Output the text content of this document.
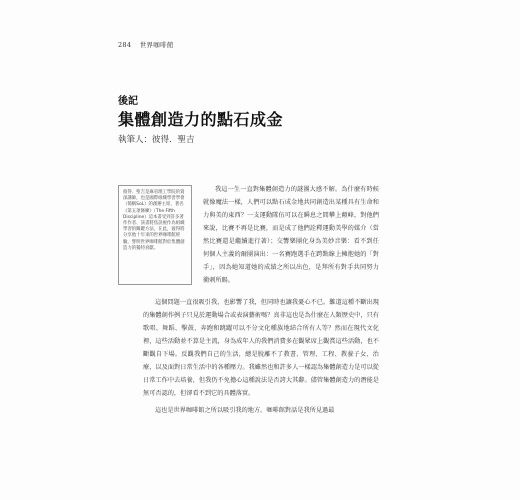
284 世界咖啡館
後記
集體創造力的點石成金
執筆人：彼得．聖吉
彼得．聖吉是麻省理工學院的資深講師，也是國際組織學習學會（簡稱SoL）的創辦主席，著名《第五項修練》（The Fifth Discipline）這本書受到許多著作作者、該書將焦誤視作為組織學習的關鍵方法，在此，彼得將分享他十年來的世界咖啡館經驗，譬明世界咖啡館對於集體創造力的獨特貢獻。
我這一生一直對集體創造力的謎團大感不解。為什麼有時候就像魔法一樣，人們可以點石成金地共同創造出某種具有生命和力與美的東西？一支運動隊伍可以在瞬息之間攀上顛峰，對他們來說，比賽不再是比賽，而是成了他們詮釋運動美學的媒介（當然比賽還是繼續進行著）；交響樂團化身為美妙音樂：看不到任何個人主義的爾團演出：一名賽跑選手在跨點線上擁抱她的「對手」，因為她知道她的成績之所以出色，是拜所有對手共同努力衝刺所賜。

這個問題一直很吸引我，也影響了我，但同時也讓我憂心不已。難道這種不斷出現的集體創作例子只見於運動場合或表演藝術嗎？真非這也是為什麼在人類歷史中，只有歌唱、舞蹈、擊鼓、奔跑和跳躍可以不分文化種族地結合所有人等？然而在現代文化裡，這些活動並不算是主流，身為成年人的我們消費多在觀眾席上觀賞這些活動，也不斷觀自下場。反觀我們自己的生活，總是脫離不了教書、管理、工程、教養子女、治療，以及面對日常生活中的各種壓力。我雖然也和許多人一樣認為集體創造力是可以從日常工作中去培養，但我仍不免擔心這種說法是否誇大其辭。儘管集體創造力的潛能是無可否認的，但卻看不到它的具體落實。

這也是世界咖啡館之所以吸引我的地方。咖啡館對話是我所見過最
